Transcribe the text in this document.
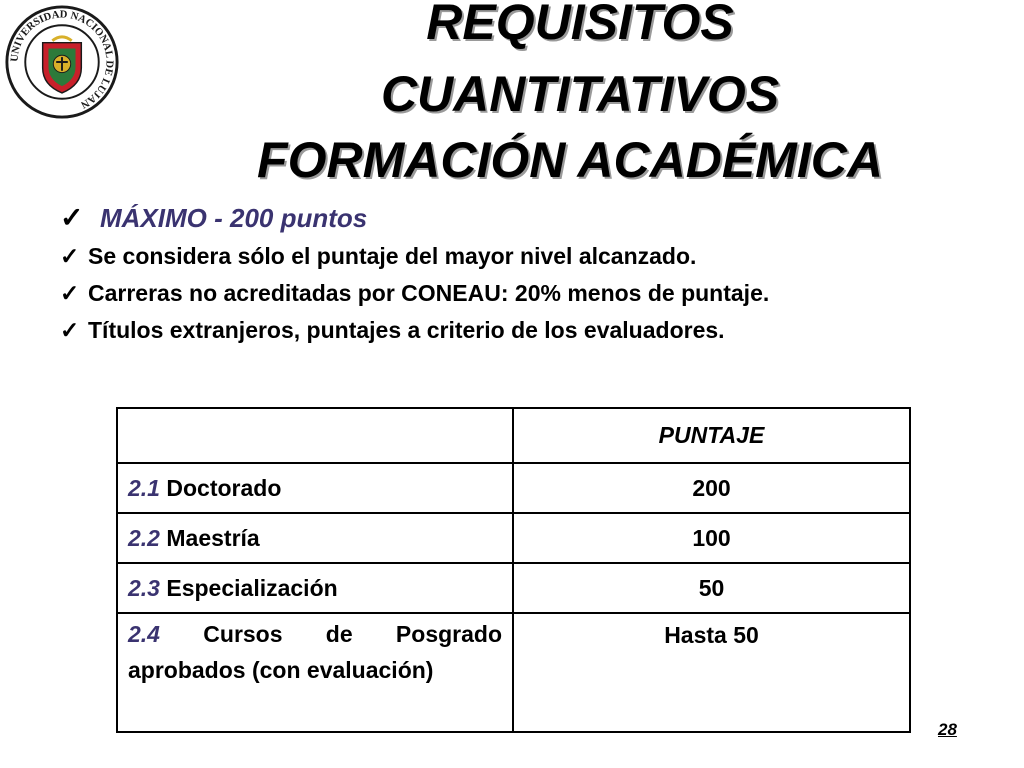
UNIVERSIDAD NACIONAL DE LUJAN
REQUISITOS
CUANTITATIVOS
FORMACIÓN ACADÉMICA
✓ MÁXIMO - 200 puntos
✓ Se considera sólo el puntaje del mayor nivel alcanzado.
✓ Carreras no acreditadas por CONEAU: 20% menos de puntaje.
✓ Títulos extranjeros, puntajes a criterio de los evaluadores.
	PUNTAJE
2.1 Doctorado	200
2.2 Maestría	100
2.3 Especialización	50
2.4 Cursos de Posgrado aprobados (con evaluación)	Hasta 50
28
